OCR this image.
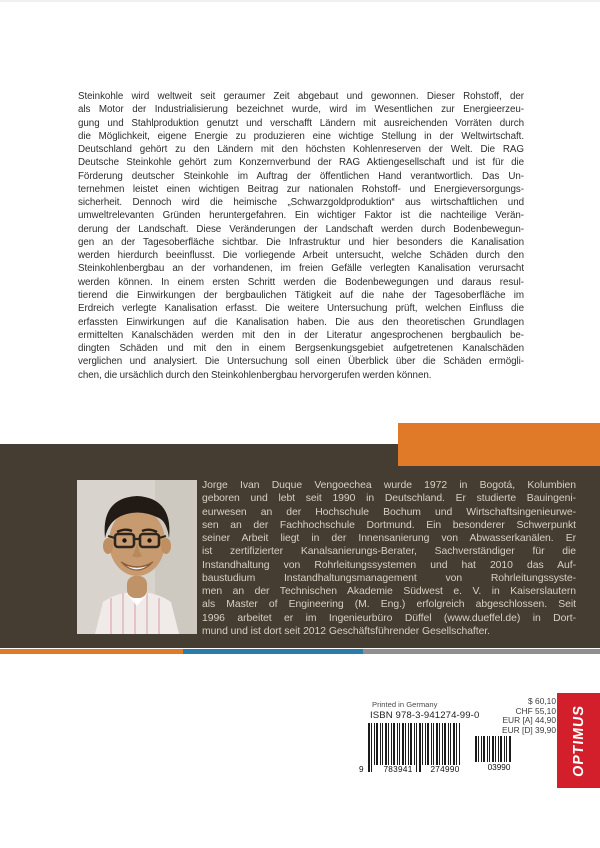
Steinkohle wird weltweit seit geraumer Zeit abgebaut und gewonnen. Dieser Rohstoff, der
als Motor der Industrialisierung bezeichnet wurde, wird im Wesentlichen zur Energieerzeu-
gung und Stahlproduktion genutzt und verschafft Ländern mit ausreichenden Vorräten durch
die Möglichkeit, eigene Energie zu produzieren eine wichtige Stellung in der Weltwirtschaft.
Deutschland gehört zu den Ländern mit den höchsten Kohlenreserven der Welt. Die RAG
Deutsche Steinkohle gehört zum Konzernverbund der RAG Aktiengesellschaft und ist für die
Förderung deutscher Steinkohle im Auftrag der öffentlichen Hand verantwortlich. Das Un-
ternehmen leistet einen wichtigen Beitrag zur nationalen Rohstoff- und Energieversorgungs-
sicherheit. Dennoch wird die heimische „Schwarzgoldproduktion“ aus wirtschaftlichen und
umweltrelevanten Gründen heruntergefahren. Ein wichtiger Faktor ist die nachteilige Verän-
derung der Landschaft. Diese Veränderungen der Landschaft werden durch Bodenbewegun-
gen an der Tagesoberfläche sichtbar. Die Infrastruktur und hier besonders die Kanalisation
werden hierdurch beeinflusst. Die vorliegende Arbeit untersucht, welche Schäden durch den
Steinkohlenbergbau an der vorhandenen, im freien Gefälle verlegten Kanalisation verursacht
werden können. In einem ersten Schritt werden die Bodenbewegungen und daraus resul-
tierend die Einwirkungen der bergbaulichen Tätigkeit auf die nahe der Tagesoberfläche im
Erdreich verlegte Kanalisation erfasst. Die weitere Untersuchung prüft, welchen Einfluss die
erfassten Einwirkungen auf die Kanalisation haben. Die aus den theoretischen Grundlagen
ermittelten Kanalschäden werden mit den in der Literatur angesprochenen bergbaulich be-
dingten Schäden und mit den in einem Bergsenkungsgebiet aufgetretenen Kanalschäden
verglichen und analysiert. Die Untersuchung soll einen Überblick über die Schäden ermögli-
chen, die ursächlich durch den Steinkohlenbergbau hervorgerufen werden können.
Jorge Ivan Duque Vengoechea wurde 1972 in Bogotá, Kolumbien
geboren und lebt seit 1990 in Deutschland. Er studierte Bauingeni-
eurwesen an der Hochschule Bochum und Wirtschaftsingenieurwe-
sen an der Fachhochschule Dortmund. Ein besonderer Schwerpunkt
seiner Arbeit liegt in der Innensanierung von Abwasserkanälen. Er
ist zertifizierter Kanalsanierungs-Berater, Sachverständiger für die
Instandhaltung von Rohrleitungssystemen und hat 2010 das Auf-
baustudium Instandhaltungsmanagement von Rohrleitungssyste-
men an der Technischen Akademie Südwest e. V. in Kaiserslautern
als Master of Engineering (M. Eng.) erfolgreich abgeschlossen. Seit
1996 arbeitet er im Ingenieurbüro Düffel (www.dueffel.de) in Dort-
mund und ist dort seit 2012 Geschäftsführender Gesellschafter.
Printed in Germany
ISBN 978-3-941274-99-0
9 783941 274990	03990
$ 60,10
CHF 55,10
EUR [A] 44,90
EUR [D] 39,90 OPTIMUS
